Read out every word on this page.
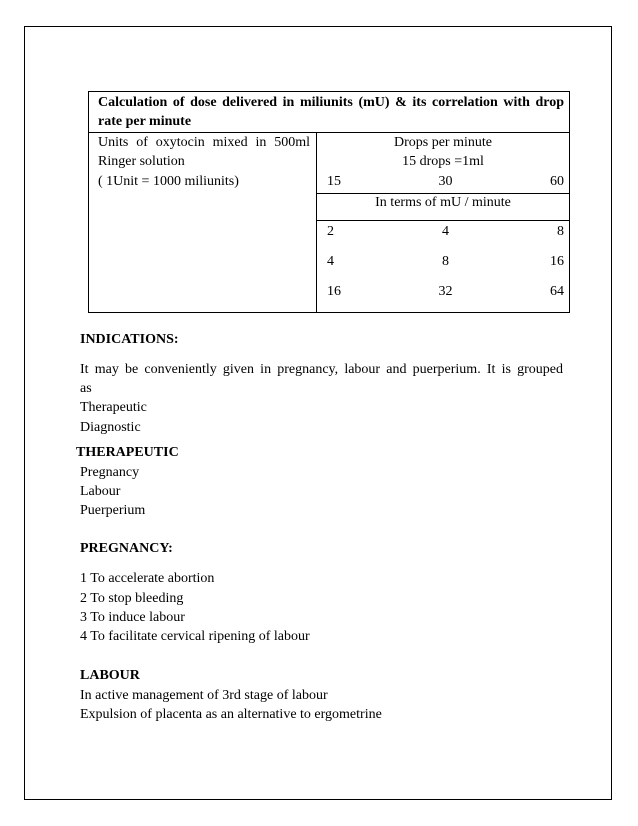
Calculation of dose delivered in miliunits (mU) & its correlation with drop
rate per minute
Units of oxytocin mixed in 500ml
Ringer solution
( 1Unit = 1000 miliunits)
Drops per minute
15 drops =1ml
15	30	60
In terms of mU / minute
2	4	8
4	8	16
16	32	64
INDICATIONS:
It may be conveniently given in pregnancy, labour and puerperium. It is grouped
as
Therapeutic
Diagnostic
THERAPEUTIC
Pregnancy
Labour
Puerperium
PREGNANCY:
1 To accelerate abortion
2 To stop bleeding
3 To induce labour
4 To facilitate cervical ripening of labour
LABOUR
In active management of 3rd stage of labour
Expulsion of placenta as an alternative to ergometrine
